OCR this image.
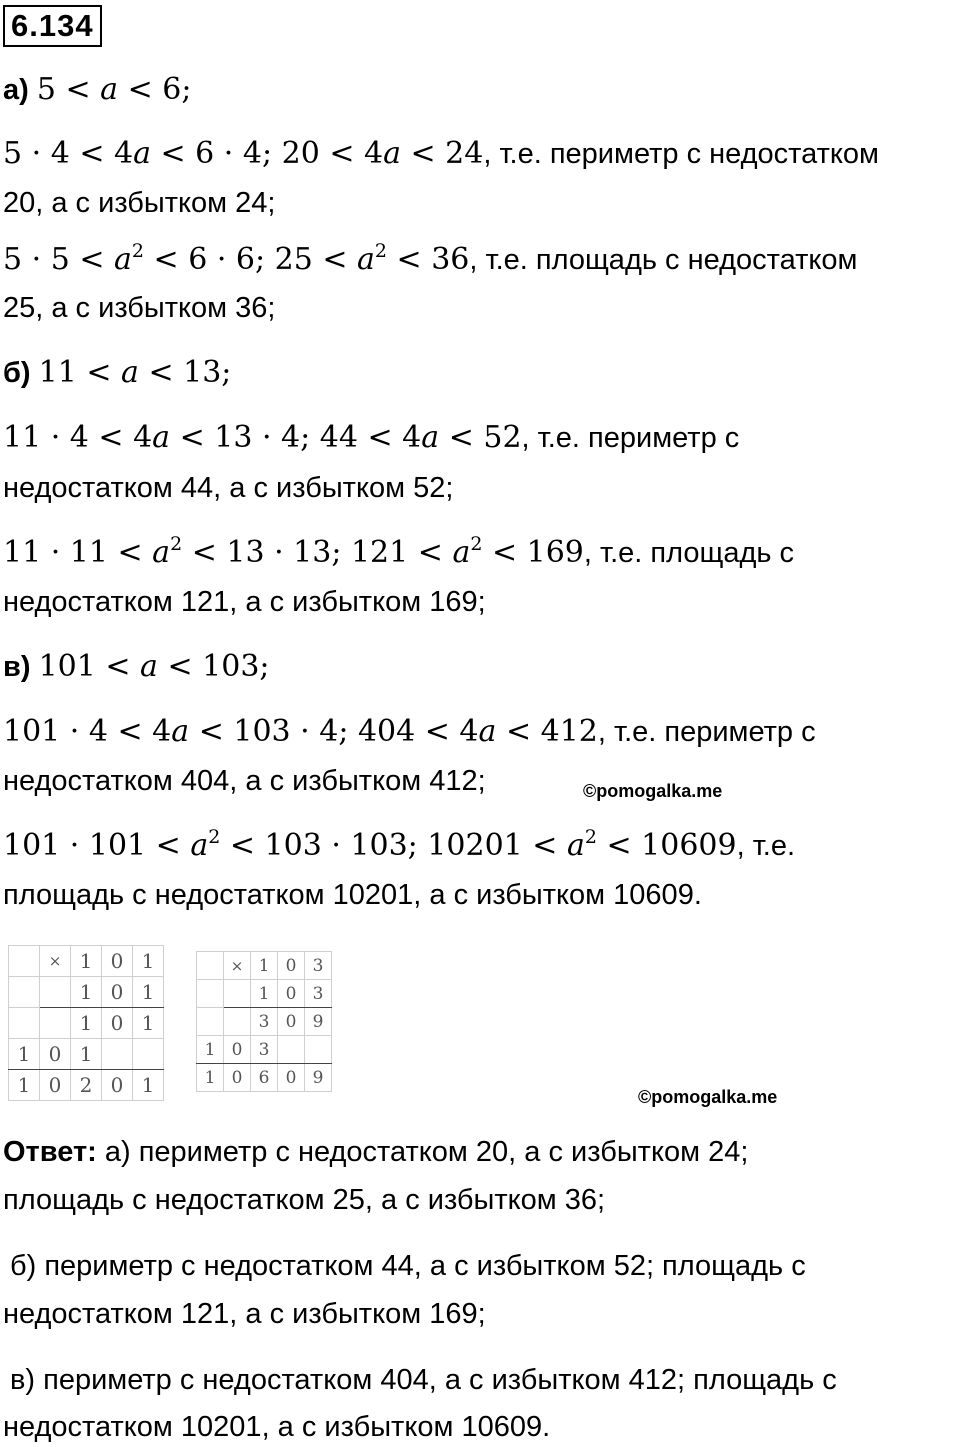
6.134
а) 5 < a < 6;
5 · 4 < 4a < 6 · 4; 20 < 4a < 24, т.е. периметр с недостатком
20, а с избытком 24;
$5 \cdot 5 < a^2 < 6 \cdot 6$; $25 < a^2 < 36$, т.е. площадь с недостатком
25, а с избытком 36;
б) 11 < a < 13;
11 · 4 < 4a < 13 · 4; 44 < 4a < 52, т.е. периметр с
недостатком 44, а с избытком 52;
$11 \cdot 11 < a^2 < 13 \cdot 13$; $121 < a^2 < 169$, т.е. площадь с
недостатком 121, а с избытком 169;
в) 101 < a < 103;
101 · 4 < 4a < 103 · 4; 404 < 4a < 412, т.е. периметр с
недостатком 404, а с избытком 412;	©pomogalka.me
$101 \cdot 101 < a^2 < 103 \cdot 103$; $10201 < a^2 < 10609$, т.е.
площадь с недостатком 10201, а с избытком 10609.
	×	1	0	1
		1	0	1
		1	0	1
1	0	1		
1	0	2	0	1
	×	1	0	3
		1	0	3
		3	0	9
1	0	3		
1	0	6	0	9
©pomogalka.me
Ответ: а) периметр с недостатком 20, а с избытком 24;
площадь с недостатком 25, а с избытком 36;
б) периметр с недостатком 44, а с избытком 52; площадь с
недостатком 121, а с избытком 169;
в) периметр с недостатком 404, а с избытком 412; площадь с
недостатком 10201, а с избытком 10609.
